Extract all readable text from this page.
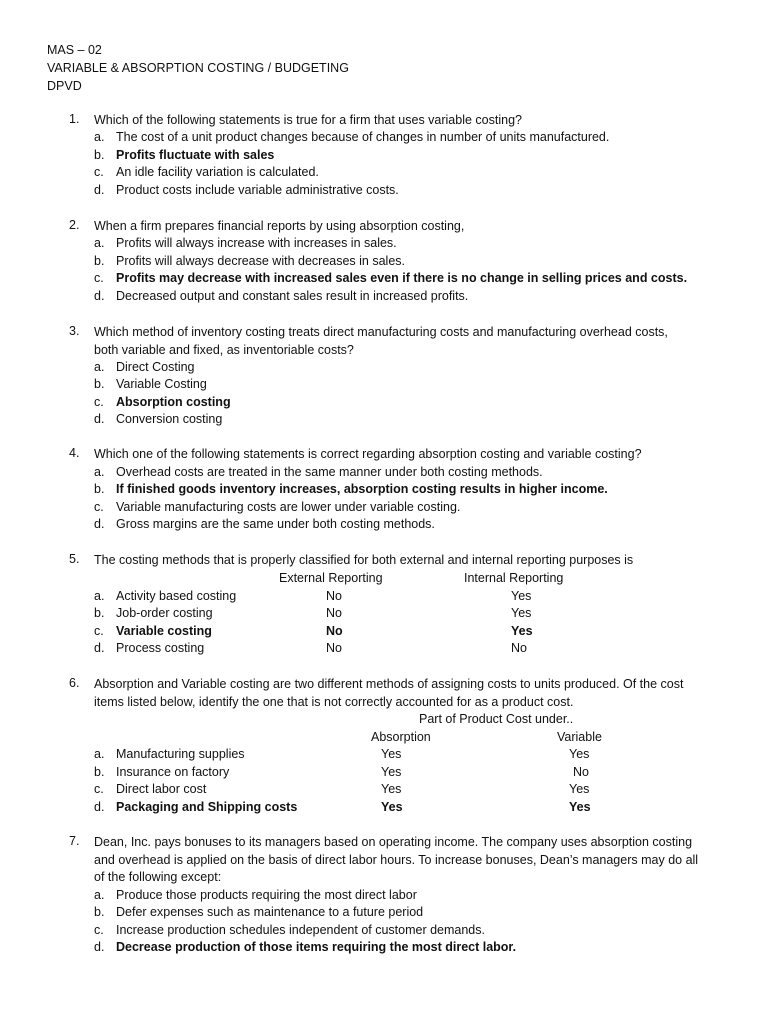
MAS – 02
VARIABLE & ABSORPTION COSTING / BUDGETING
DPVD
1. Which of the following statements is true for a firm that uses variable costing?
a. The cost of a unit product changes because of changes in number of units manufactured.
b. Profits fluctuate with sales
c. An idle facility variation is calculated.
d. Product costs include variable administrative costs.
2. When a firm prepares financial reports by using absorption costing,
a. Profits will always increase with increases in sales.
b. Profits will always decrease with decreases in sales.
c. Profits may decrease with increased sales even if there is no change in selling prices and costs.
d. Decreased output and constant sales result in increased profits.
3. Which method of inventory costing treats direct manufacturing costs and manufacturing overhead costs,
both variable and fixed, as inventoriable costs?
a. Direct Costing
b. Variable Costing
c. Absorption costing
d. Conversion costing
4. Which one of the following statements is correct regarding absorption costing and variable costing?
a. Overhead costs are treated in the same manner under both costing methods.
b. If finished goods inventory increases, absorption costing results in higher income.
c. Variable manufacturing costs are lower under variable costing.
d. Gross margins are the same under both costing methods.
5. The costing methods that is properly classified for both external and internal reporting purposes is
External Reporting	Internal Reporting
a. Activity based costing	No	Yes
b. Job-order costing	No	Yes
c. Variable costing	No	Yes
d. Process costing	No	No
6. Absorption and Variable costing are two different methods of assigning costs to units produced. Of the cost
items listed below, identify the one that is not correctly accounted for as a product cost.
Part of Product Cost under..
Absorption	Variable
a. Manufacturing supplies	Yes	Yes
b. Insurance on factory	Yes	No
c. Direct labor cost	Yes	Yes
d. Packaging and Shipping costs	Yes	Yes
7. Dean, Inc. pays bonuses to its managers based on operating income. The company uses absorption costing
and overhead is applied on the basis of direct labor hours. To increase bonuses, Dean’s managers may do all
of the following except:
a. Produce those products requiring the most direct labor
b. Defer expenses such as maintenance to a future period
c. Increase production schedules independent of customer demands.
d. Decrease production of those items requiring the most direct labor.
